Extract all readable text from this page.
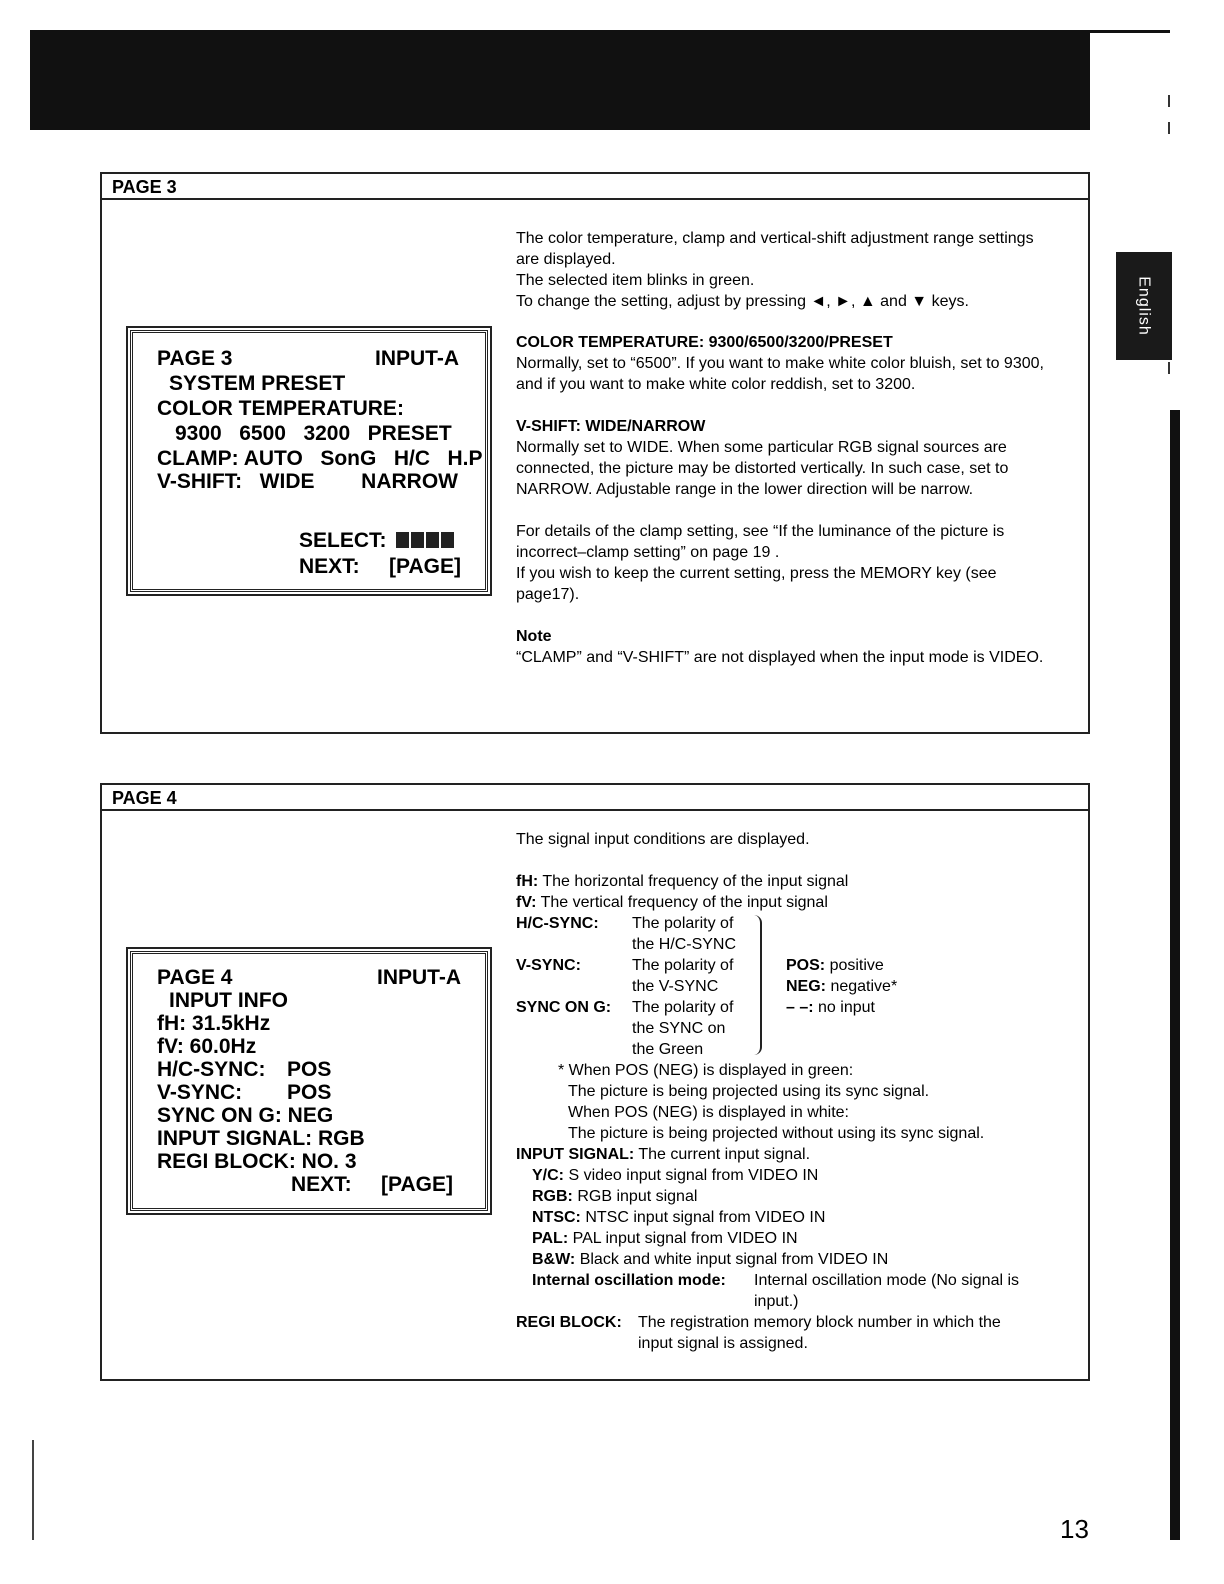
English
PAGE 3
PAGE 3	INPUT-A
SYSTEM PRESET
COLOR TEMPERATURE:
9300   6500   3200   PRESET
CLAMP: AUTO   SonG   H/C   H.P
V-SHIFT:   WIDE        NARROW
SELECT:
NEXT: [PAGE]
The color temperature, clamp and vertical-shift adjustment range settings are displayed.
The selected item blinks in green.
To change the setting, adjust by pressing ◄, ►, ▲ and ▼ keys.
COLOR TEMPERATURE: 9300/6500/3200/PRESET
Normally, set to “6500”. If you want to make white color bluish, set to 9300, and if you want to make white color reddish, set to 3200.
V-SHIFT: WIDE/NARROW
Normally set to WIDE. When some particular RGB signal sources are connected, the picture may be distorted vertically. In such case, set to NARROW. Adjustable range in the lower direction will be narrow.
For details of the clamp setting, see “If the luminance of the picture is incorrect–clamp setting” on page 19 .
If you wish to keep the current setting, press the MEMORY key (see page17).
Note
“CLAMP” and “V-SHIFT” are not displayed when the input mode is VIDEO.
PAGE 4
PAGE 4	INPUT-A
INPUT INFO
fH: 31.5kHz
fV: 60.0Hz
H/C-SYNC: POS
V-SYNC: POS
SYNC ON G: NEG
INPUT SIGNAL: RGB
REGI BLOCK: NO. 3
NEXT: [PAGE]
The signal input conditions are displayed.
fH: The horizontal frequency of the input signal
fV: The vertical frequency of the input signal
H/C-SYNC: The polarity of
the H/C-SYNC
V-SYNC:	The polarity of
the V-SYNC
SYNC ON G: The polarity of
the SYNC on
the Green
POS: positive
NEG: negative*
– –: no input
* When POS (NEG) is displayed in green:
The picture is being projected using its sync signal.
When POS (NEG) is displayed in white:
The picture is being projected without using its sync signal.
INPUT SIGNAL: The current input signal.
Y/C: S video input signal from VIDEO IN
RGB: RGB input signal
NTSC: NTSC input signal from VIDEO IN
PAL: PAL input signal from VIDEO IN
B&W: Black and white input signal from VIDEO IN
Internal oscillation mode: Internal oscillation mode (No signal is
input.)
REGI BLOCK: The registration memory block number in which the
input signal is assigned.
13
